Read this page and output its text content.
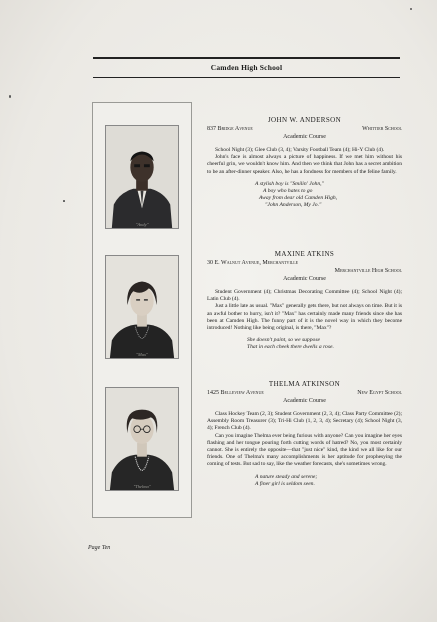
Camden High School
"Andy"
"Max"
"Thelma"
JOHN W. ANDERSON
837 Bridge Avenue	Whittier School
Academic Course
School Night (3); Glee Club (3, 4); Varsity Football Team (4); Hi-Y Club (4).
John's face is almost always a picture of happiness. If we met him without his cheerful grin, we wouldn't know him. And then we think that John has a secret ambition to be an after-dinner speaker. Also, he has a fondness for members of the feline family.
A stylish boy is "Smilin' John,"
A boy who hates to go
Away from dear old Camden High,
"John Anderson, My Jo."
MAXINE ATKINS
30 E. Walnut Avenue, Merchantville
Merchantville High School
Academic Course
Student Government (4); Christmas Decorating Committee (4); School Night (4); Latin Club (4).
Just a little late as usual. "Max" generally gets there, but not always on time. But it is an awful bother to hurry, isn't it? "Max" has certainly made many friends since she has been at Camden High. The funny part of it is the novel way in which they become introduced! Nothing like being original, is there, "Max"?
She doesn't paint, so we suppose
That in each cheek there dwells a rose.
THELMA ATKINSON
1425 Belleview Avenue	New Egypt School
Academic Course
Class Hockey Team (2, 3); Student Government (2, 3, 4); Class Party Committee (2); Assembly Room Treasurer (3); Tri-Hi Club (1, 2, 3, 4); Secretary (4); School Night (3, 4); French Club (4).
Can you imagine Thelma ever being furious with anyone? Can you imagine her eyes flashing and her tongue pouring forth cutting words of hatred? No, you most certainly cannot. She is entirely the opposite—that "just nice" kind, the kind we all like for our friends. One of Thelma's many accomplishments is her aptitude for prophesying the coming of tests. But sad to say, like the weather forecasts, she's sometimes wrong.
A nature steady and serene;
A finer girl is seldom seen.
Page Ten
